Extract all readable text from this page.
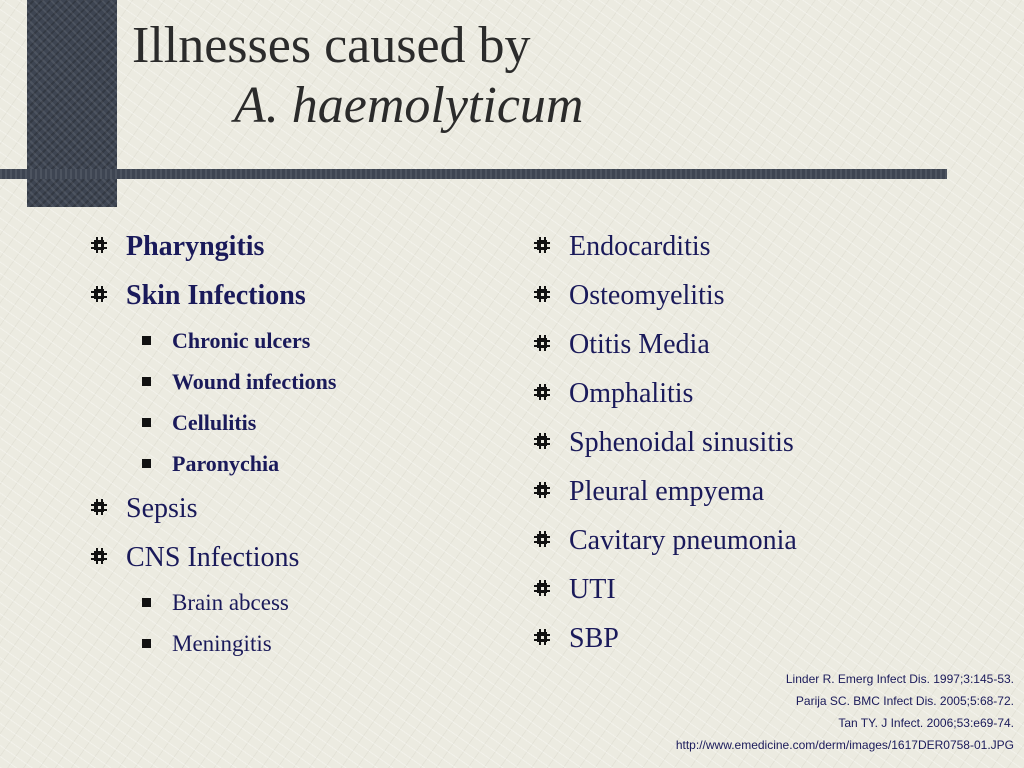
Illnesses caused by
A. haemolyticum
Pharyngitis
Skin Infections
Chronic ulcers
Wound infections
Cellulitis
Paronychia
Sepsis
CNS Infections
Brain abcess
Meningitis
Endocarditis
Osteomyelitis
Otitis Media
Omphalitis
Sphenoidal sinusitis
Pleural empyema
Cavitary pneumonia
UTI
SBP
Linder R. Emerg Infect Dis. 1997;3:145-53.
Parija SC. BMC Infect Dis. 2005;5:68-72.
Tan TY. J Infect. 2006;53:e69-74.
http://www.emedicine.com/derm/images/1617DER0758-01.JPG
